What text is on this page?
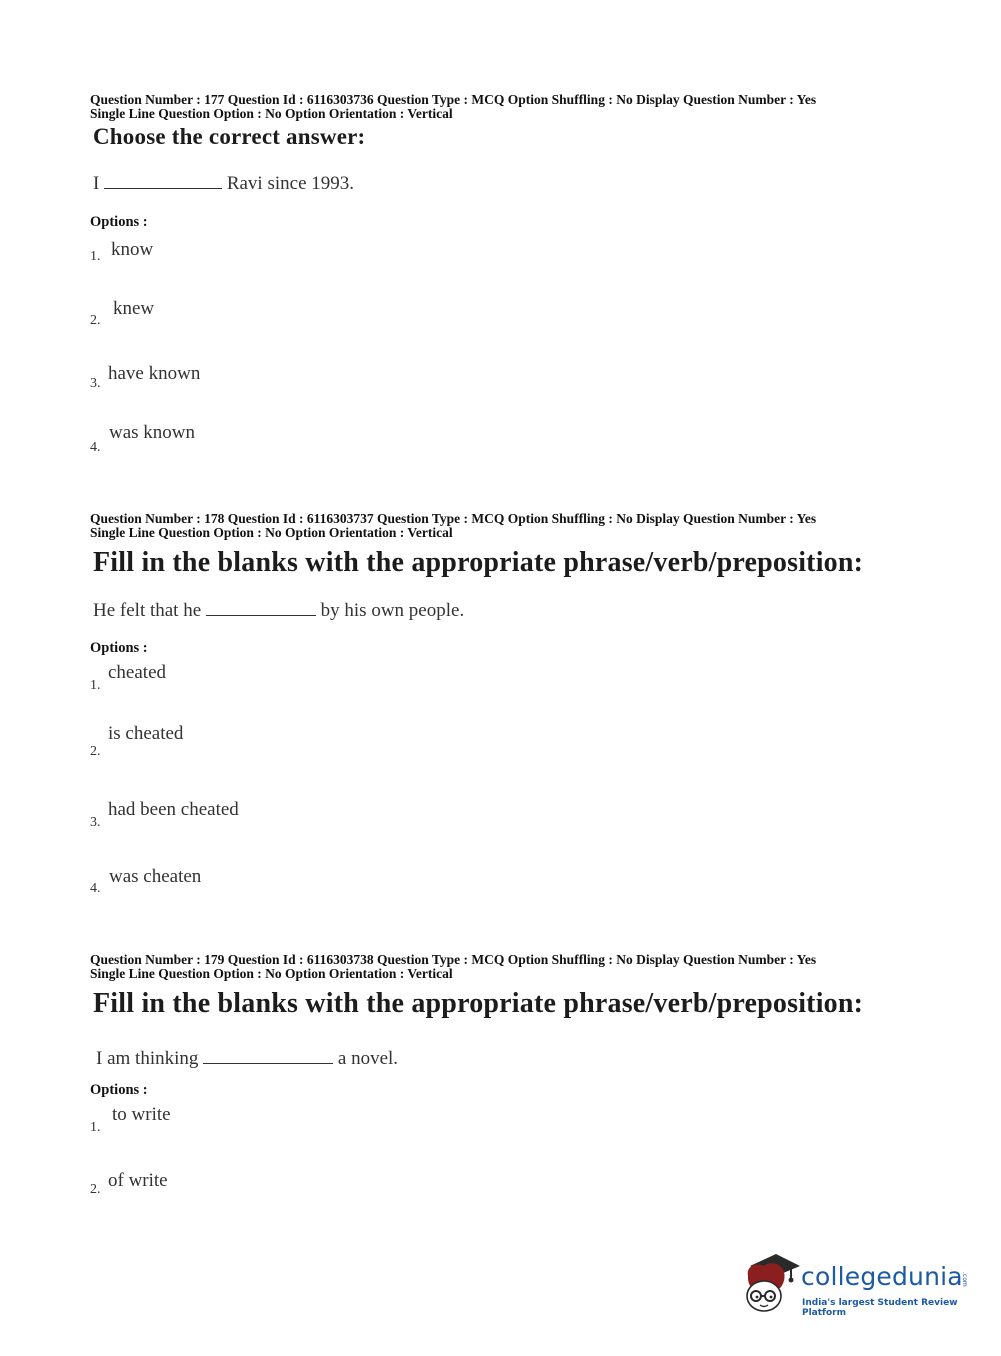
Question Number : 177 Question Id : 6116303736 Question Type : MCQ Option Shuffling : No Display Question Number : Yes
Single Line Question Option : No Option Orientation : Vertical
Choose the correct answer:
I	Ravi since 1993.
Options :
1. know
2.
knew
3. have known
4.
was known
Question Number : 178 Question Id : 6116303737 Question Type : MCQ Option Shuffling : No Display Question Number : Yes
Single Line Question Option : No Option Orientation : Vertical
Fill in the blanks with the appropriate phrase/verb/preposition:
He felt that he	by his own people.
Options :
1.
cheated
2.
is cheated
3.
had been cheated
4.
was cheaten
Question Number : 179 Question Id : 6116303738 Question Type : MCQ Option Shuffling : No Display Question Number : Yes
Single Line Question Option : No Option Orientation : Vertical
Fill in the blanks with the appropriate phrase/verb/preposition:
I am thinking	a novel.
Options :
1.
to write
2. of write
collegedunia
.com
India's largest Student Review Platform
